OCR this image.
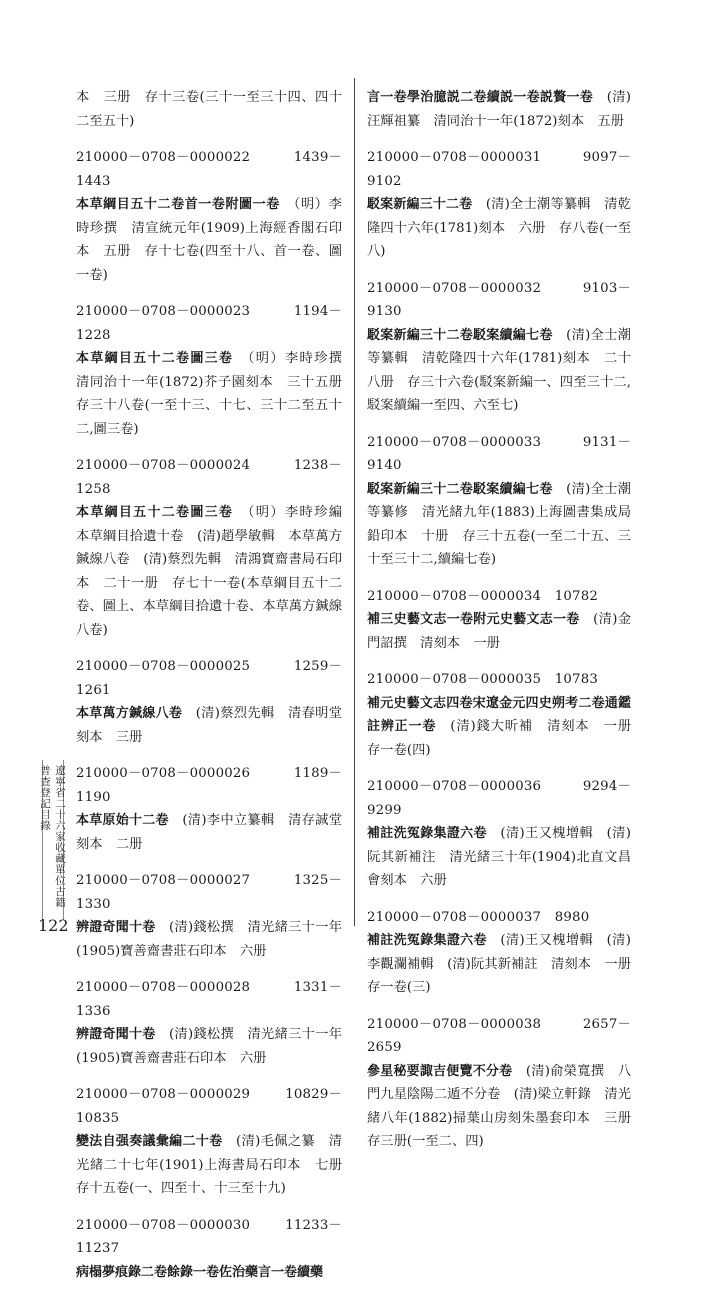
本　三册　存十三卷(三十一至三十四、四十二至五十)
210000－0708－0000022　1439－1443
本草綱目五十二卷首一卷附圖一卷　 （明）李時珍撰　清宣統元年(1909)上海經香閣石印本　五册　存十七卷(四至十八、首一卷、圖一卷)
210000－0708－0000023　1194－1228
本草綱目五十二卷圖三卷　 （明）李時珍撰　清同治十一年(1872)芥子園刻本　三十五册　存三十八卷(一至十三、十七、三十二至五十二,圖三卷)
210000－0708－0000024　1238－1258
本草綱目五十二卷圖三卷　 （明）李時珍編　本草綱目拾遺十卷　(清)趙學敏輯　本草萬方鍼線八卷　(清)蔡烈先輯　清鴻寶齋書局石印本　二十一册　存七十一卷(本草綱目五十二卷、圖上、本草綱目拾遺十卷、本草萬方鍼線八卷)
210000－0708－0000025　1259－1261
本草萬方鍼線八卷　 (清)蔡烈先輯　清春明堂刻本　三册
210000－0708－0000026　1189－1190
本草原始十二卷　 (清)李中立纂輯　清存誠堂刻本　二册
210000－0708－0000027　1325－1330
辨證奇聞十卷　 (清)錢松撰　清光緒三十一年(1905)寶善齋書莊石印本　六册
210000－0708－0000028　1331－1336
辨證奇聞十卷　 (清)錢松撰　清光緒三十一年(1905)寶善齋書莊石印本　六册
210000－0708－0000029　10829－10835
變法自强奏議彙編二十卷　 (清)毛佩之纂　清光緒二十七年(1901)上海書局石印本　七册　存十五卷(一、四至十、十三至十九)
210000－0708－0000030　11233－11237
病榻夢痕錄二卷餘錄一卷佐治藥言一卷續藥　
言一卷學治臆説二卷續説一卷説贅一卷　 (清)汪輝祖纂　清同治十一年(1872)刻本　五册
210000－0708－0000031　9097－9102
駁案新編三十二卷　 (清)全士潮等纂輯　清乾隆四十六年(1781)刻本　六册　存八卷(一至八)
210000－0708－0000032　9103－9130
駁案新編三十二卷駁案續編七卷　 (清)全士潮等纂輯　清乾隆四十六年(1781)刻本　二十八册　存三十六卷(駁案新編一、四至三十二,駁案續編一至四、六至七)
210000－0708－0000033　9131－9140
駁案新編三十二卷駁案續編七卷　 (清)全士潮等纂修　清光緒九年(1883)上海圖書集成局鉛印本　十册　存三十五卷(一至二十五、三十至三十二,續編七卷)
210000－0708－0000034　10782
補三史藝文志一卷附元史藝文志一卷　 (清)金門詔撰　清刻本　一册
210000－0708－0000035　10783
補元史藝文志四卷宋遼金元四史朔考二卷通鑑註辨正一卷　 (清)錢大昕補　清刻本　一册　存一卷(四)
210000－0708－0000036　9294－9299
補註洗冤錄集證六卷　 (清)王又槐增輯　(清)阮其新補注　清光緒三十年(1904)北直文昌會刻本　六册
210000－0708－0000037　8980
補註洗冤錄集證六卷　 (清)王又槐增輯　(清)李觀瀾補輯　(清)阮其新補註　清刻本　一册　存一卷(三)
210000－0708－0000038　2657－2659
參星秘要諏吉便覽不分卷　 (清)俞榮寬撰　八門九星陰陽二遁不分卷　(清)梁立軒錄　清光緒八年(1882)掃葉山房刻朱墨套印本　三册　存三册(一至二、四)
遼寧省二十六家收藏單位古籍普查登記目錄
122
